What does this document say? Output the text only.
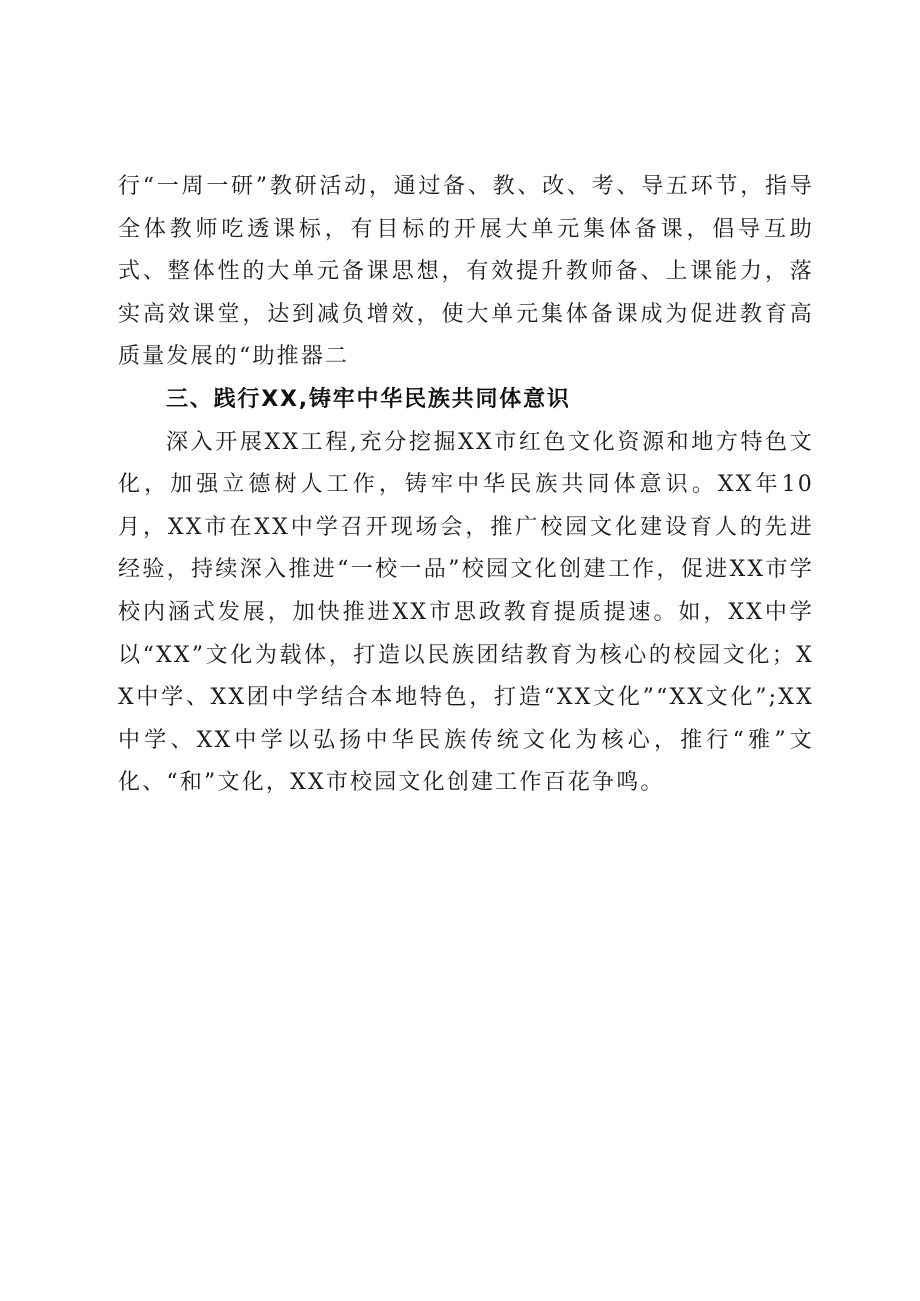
行“一周一研”教研活动，通过备、教、改、考、导五环节，指导全体教师吃透课标，有目标的开展大单元集体备课，倡导互助式、整体性的大单元备课思想，有效提升教师备、上课能力，落实高效课堂，达到减负增效，使大单元集体备课成为促进教育高质量发展的“助推器二

三、践行XX,铸牢中华民族共同体意识

深入开展XX工程,充分挖掘XX市红色文化资源和地方特色文化，加强立德树人工作，铸牢中华民族共同体意识。XX年10月，XX市在XX中学召开现场会，推广校园文化建设育人的先进经验，持续深入推进“一校一品”校园文化创建工作，促进XX市学校内涵式发展，加快推进XX市思政教育提质提速。如，XX中学以“XX”文化为载体，打造以民族团结教育为核心的校园文化；XX中学、XX团中学结合本地特色，打造“XX文化”“XX文化”;XX中学、XX中学以弘扬中华民族传统文化为核心，推行“雅”文化、“和”文化，XX市校园文化创建工作百花争鸣。
